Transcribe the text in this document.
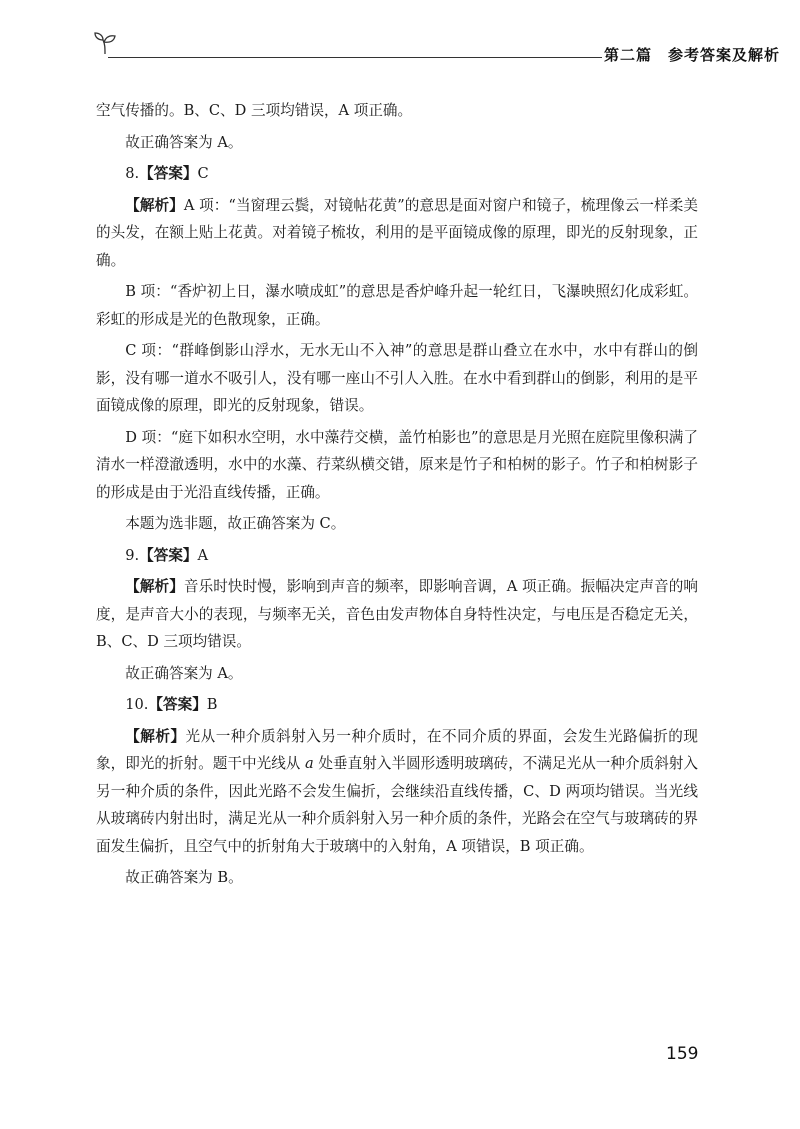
第二篇　参考答案及解析

空气传播的。B、C、D 三项均错误，A 项正确。

故正确答案为 A。

8.【答案】C

【解析】A 项：“当窗理云鬓，对镜帖花黄”的意思是面对窗户和镜子，梳理像云一样柔美的头发，在额上贴上花黄。对着镜子梳妆，利用的是平面镜成像的原理，即光的反射现象，正确。

B 项：“香炉初上日，瀑水喷成虹”的意思是香炉峰升起一轮红日，飞瀑映照幻化成彩虹。彩虹的形成是光的色散现象，正确。

C 项：“群峰倒影山浮水，无水无山不入神”的意思是群山叠立在水中，水中有群山的倒影，没有哪一道水不吸引人，没有哪一座山不引人入胜。在水中看到群山的倒影，利用的是平面镜成像的原理，即光的反射现象，错误。

D 项：“庭下如积水空明，水中藻荇交横，盖竹柏影也”的意思是月光照在庭院里像积满了清水一样澄澈透明，水中的水藻、荇菜纵横交错，原来是竹子和柏树的影子。竹子和柏树影子的形成是由于光沿直线传播，正确。

本题为选非题，故正确答案为 C。

9.【答案】A

【解析】音乐时快时慢，影响到声音的频率，即影响音调，A 项正确。振幅决定声音的响度，是声音大小的表现，与频率无关，音色由发声物体自身特性决定，与电压是否稳定无关，B、C、D 三项均错误。

故正确答案为 A。

10.【答案】B

【解析】光从一种介质斜射入另一种介质时，在不同介质的界面，会发生光路偏折的现象，即光的折射。题干中光线从 a 处垂直射入半圆形透明玻璃砖，不满足光从一种介质斜射入另一种介质的条件，因此光路不会发生偏折，会继续沿直线传播，C、D 两项均错误。当光线从玻璃砖内射出时，满足光从一种介质斜射入另一种介质的条件，光路会在空气与玻璃砖的界面发生偏折，且空气中的折射角大于玻璃中的入射角，A 项错误，B 项正确。

故正确答案为 B。

159
